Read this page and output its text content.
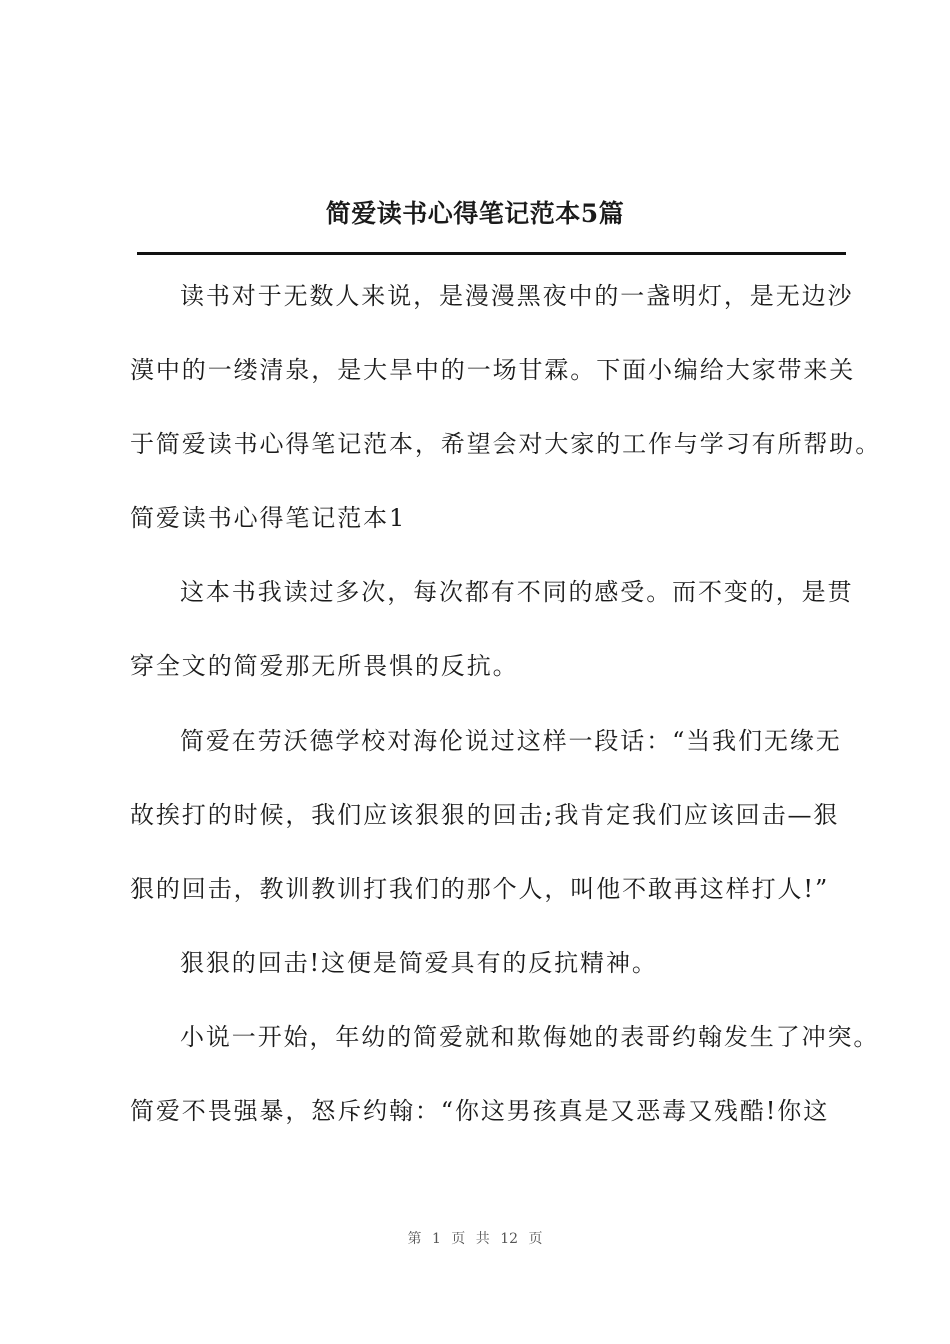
简爱读书心得笔记范本5篇

读书对于无数人来说，是漫漫黑夜中的一盏明灯，是无边沙

漠中的一缕清泉，是大旱中的一场甘霖。下面小编给大家带来关

于简爱读书心得笔记范本，希望会对大家的工作与学习有所帮助。

简爱读书心得笔记范本1

这本书我读过多次，每次都有不同的感受。而不变的，是贯

穿全文的简爱那无所畏惧的反抗。

简爱在劳沃德学校对海伦说过这样一段话：“当我们无缘无

故挨打的时候，我们应该狠狠的回击;我肯定我们应该回击—狠

狠的回击，教训教训打我们的那个人，叫他不敢再这样打人!”

狠狠的回击!这便是简爱具有的反抗精神。

小说一开始，年幼的简爱就和欺侮她的表哥约翰发生了冲突。

简爱不畏强暴，怒斥约翰：“你这男孩真是又恶毒又残酷!你这

第 1 页 共 12 页
